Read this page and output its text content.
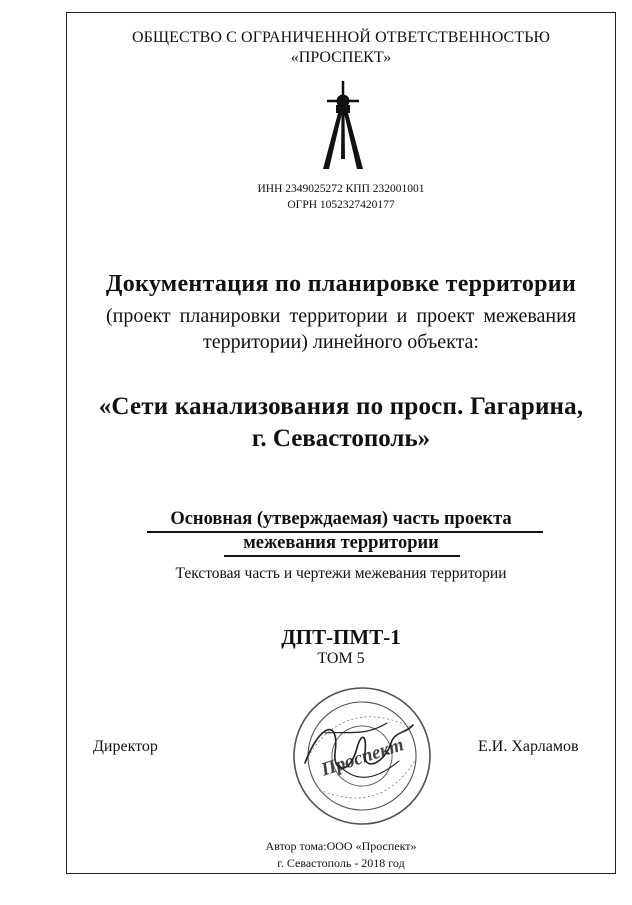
ОБЩЕСТВО С ОГРАНИЧЕННОЙ ОТВЕТСТВЕННОСТЬЮ
«ПРОСПЕКТ»
ИНН 2349025272 КПП 232001001
ОГРН 1052327420177
Документация по планировке территории
(проект планировки территории и проект межевания
территории) линейного объекта:
«Сети канализования по просп. Гагарина,
г. Севастополь»
Основная (утверждаемая) часть проекта
межевания территории
Текстовая часть и чертежи межевания территории
ДПТ-ПМТ-1
ТОМ 5
Директор	Е.И. Харламов
Проспект
Автор тома:ООО «Проспект»
г. Севастополь - 2018 год
